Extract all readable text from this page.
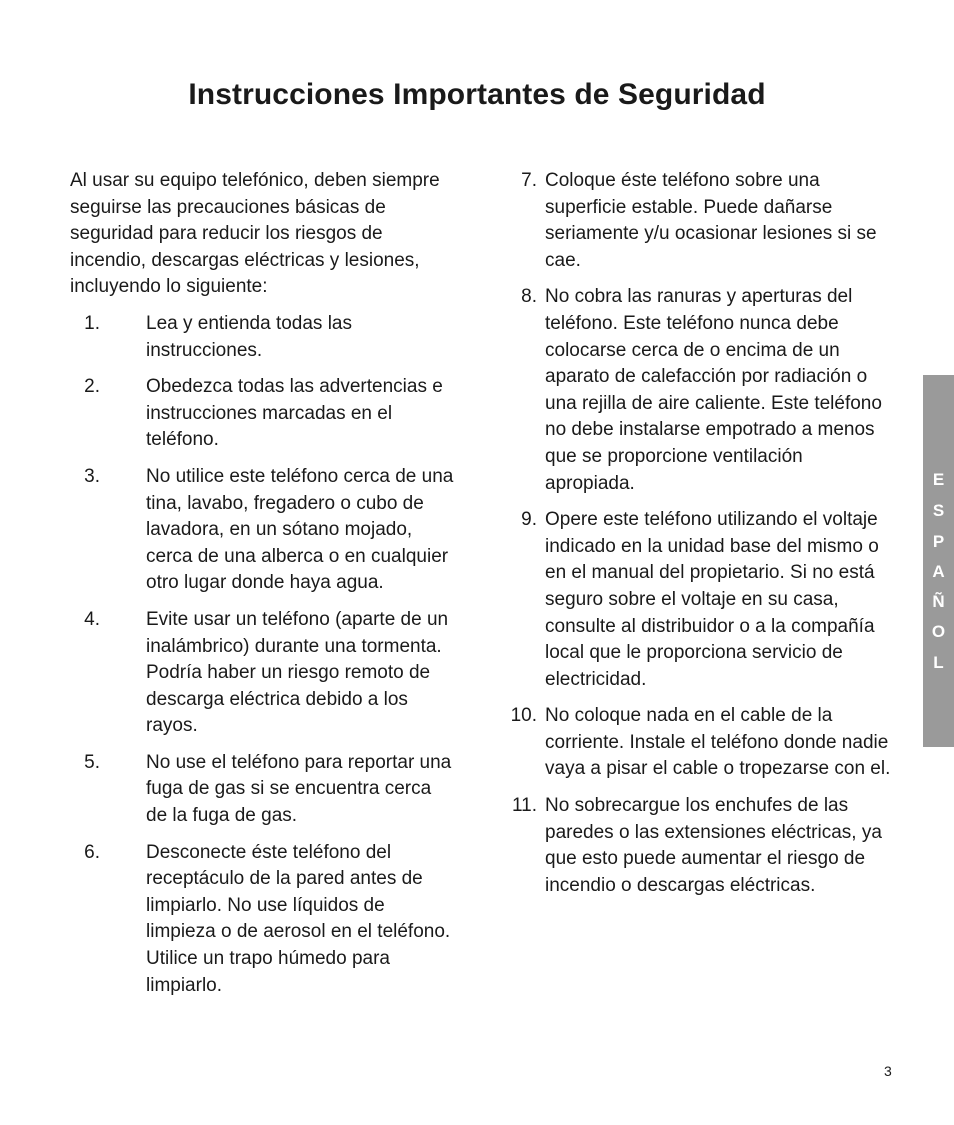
Instrucciones Importantes de Seguridad

Al usar su equipo telefónico, deben siempre seguirse las precauciones básicas de seguridad para reducir los riesgos de incendio, descargas eléctricas y lesiones, incluyendo lo siguiente:

1. Lea y entienda todas las instrucciones.
2. Obedezca todas las advertencias e instrucciones marcadas en el teléfono.
3. No utilice este teléfono cerca de una tina, lavabo, fregadero o cubo de lavadora, en un sótano mojado, cerca de una alberca o en cualquier otro lugar donde haya agua.
4. Evite usar un teléfono (aparte de un inalámbrico) durante una tormenta. Podría haber un riesgo remoto de descarga eléctrica debido a los rayos.
5. No use el teléfono para reportar una fuga de gas si se encuentra cerca de la fuga de gas.
6. Desconecte éste teléfono del receptáculo de la pared antes de limpiarlo. No use líquidos de limpieza o de aerosol en el teléfono. Utilice un trapo húmedo para limpiarlo.
7. Coloque éste teléfono sobre una superficie estable. Puede dañarse seriamente y/u ocasionar lesiones si se cae.
8. No cobra las ranuras y aperturas del teléfono. Este teléfono nunca debe colocarse cerca de o encima de un aparato de calefacción por radiación o una rejilla de aire caliente. Este teléfono no debe instalarse empotrado a menos que se proporcione ventilación apropiada.
9. Opere este teléfono utilizando el voltaje indicado en la unidad base del mismo o en el manual del propietario. Si no está seguro sobre el voltaje en su casa, consulte al distribuidor o a la compañía local que le proporciona servicio de electricidad.
10. No coloque nada en el cable de la corriente. Instale el teléfono donde nadie vaya a pisar el cable o tropezarse con el.
11. No sobrecargue los enchufes de las paredes o las extensiones eléctricas, ya que esto puede aumentar el riesgo de incendio o descargas eléctricas.
E
S
P
A
Ñ
O
L
3
